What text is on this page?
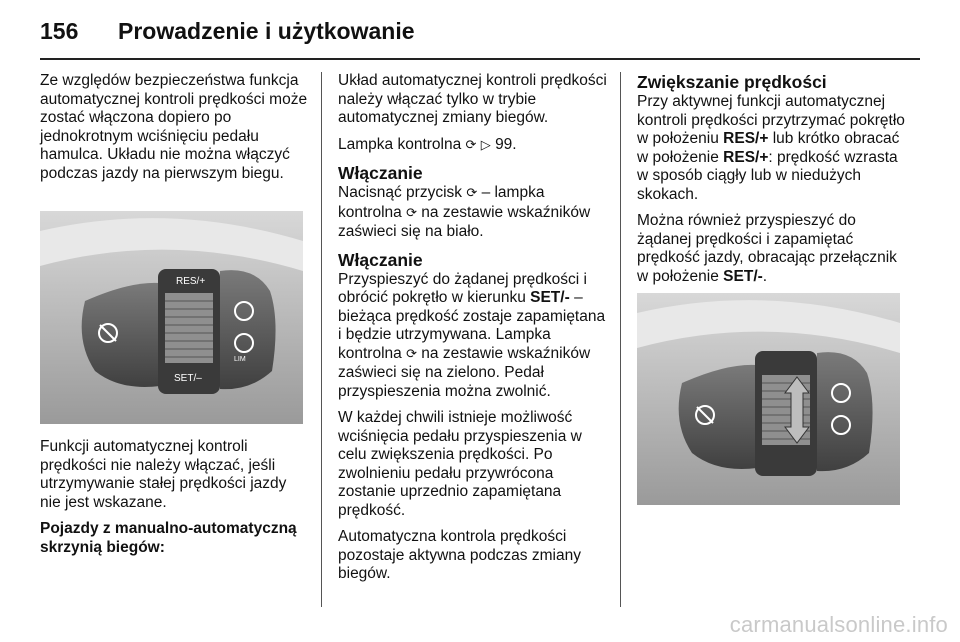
156 Prowadzenie i użytkowanie

Ze względów bezpieczeństwa funkcja automatycznej kontroli prędkości może zostać włączona dopiero po jednokrotnym wciśnięciu pedału hamulca. Układu nie można włączyć podczas jazdy na pierwszym biegu.

RES/+
SET/–
LIM

Funkcji automatycznej kontroli prędkości nie należy włączać, jeśli utrzymywanie stałej prędkości jazdy nie jest wskazane.

Pojazdy z manualno-automatyczną skrzynią biegów:

Układ automatycznej kontroli prędkości należy włączać tylko w trybie automatycznej zmiany biegów.

Lampka kontrolna ⟳ ▷ 99.

Włączanie

Nacisnąć przycisk ⟳ – lampka kontrolna ⟳ na zestawie wskaźników zaświeci się na biało.

Włączanie

Przyspieszyć do żądanej prędkości i obrócić pokrętło w kierunku SET/- – bieżąca prędkość zostaje zapamiętana i będzie utrzymywana. Lampka kontrolna ⟳ na zestawie wskaźników zaświeci się na zielono. Pedał przyspieszenia można zwolnić.

W każdej chwili istnieje możliwość wciśnięcia pedału przyspieszenia w celu zwiększenia prędkości. Po zwolnieniu pedału przywrócona zostanie uprzednio zapamiętana prędkość.

Automatyczna kontrola prędkości pozostaje aktywna podczas zmiany biegów.

Zwiększanie prędkości

Przy aktywnej funkcji automatycznej kontroli prędkości przytrzymać pokrętło w położeniu RES/+ lub krótko obracać w położenie RES/+: prędkość wzrasta w sposób ciągły lub w niedużych skokach.

Można również przyspieszyć do żądanej prędkości i zapamiętać prędkość jazdy, obracając przełącznik w położenie SET/-.

carmanualsonline.info
